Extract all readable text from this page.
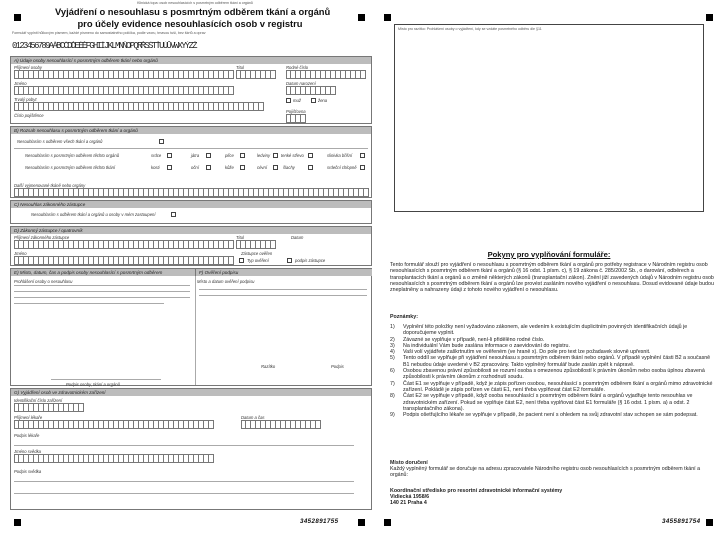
Klinická topa: osob nesouhlasících s posmrtným odběrem tkání a orgánů
Vyjádření o nesouhlasu s posmrtným odběrem tkání a orgánů
pro účely evidence nesouhlasících osob v registru
Formulář vyplnit hůlkovým písmem, každé písmeno do samostatného políčka, podle vzoru, tmavou tuší, bez škrtů a oprav
0123456789AÁBCČDĎEÉĚFGHIÍJKLMNŇOPQRŘSŠTŤUÚŮVWXYÝZŽ
A) Údaje osoby nesouhlasící s posmrtným odběrem tkání nebo orgánů
Příjmení osoby	Titul	Rodné číslo
Jméno	Datum narození
muž	žena
Trvalý pobyt
Pojišťovna
Číslo pojištěnce
B) Rozsah nesouhlasu s posmrtným odběrem tkání a orgánů
Nesouhlasím s odběrem všech tkání a orgánů
Nesouhlasím s posmrtným odběrem těchto orgánů	srdce	játra	plíce	ledviny	tenké střevo	slinivka břišní
Nesouhlasím s posmrtným odběrem těchto tkání	kosti	oční	kůže	cévní	šlachy	srdeční chlopně
Další vyjmenované tkáně nebo orgány
C) Nesouhlas zákonného zástupce
Nesouhlasím s odběrem tkání a orgánů u osoby v mém zastoupení
D) Zákonný zástupce / opatrovník
Příjmení zákonného zástupce	Titul
Jméno
Datum
Zástupce ověřen
Typ ověření	podpis zástupce
E) Místo, datum, čas a podpis osoby nesouhlasící s posmrtným odběrem	F) Ověření podpisu
Prohlášení osoby o nesouhlasu	Místo a datum ověření podpisu
Podpis osoby, tkání a orgánů
Razítko	Podpis
G) Vyjádření osob ve zdravotnickém zařízení
Identifikační číslo zařízení
Příjmení lékaře	Datum a čas
Podpis lékaře
Jméno svědka
Podpis svědka
3452891755
Místo pro razítko: Prohlášení osoby o vyjádření, kdy se vzdáte posmrtného odběru dle §11
Pokyny pro vyplňování formuláře:
Tento formulář slouží pro vyjádření o nesouhlasu s posmrtným odběrem tkání a orgánů pro potřeby registrace v Národním registru osob nesouhlasících s posmrtným odběrem tkání a orgánů (§ 16 odst. 1 písm. c), § 19 zákona č. 285/2002 Sb., o darování, odběrech a transplantacích tkání a orgánů a o změně některých zákonů (transplantační zákon). Znění jiží zavedených údajů v Národním registru osob nesouhlasících s posmrtným odběrem tkání a orgánů lze provést zasláním nového vyjádření o nesouhlasu. Dosud evidované údaje budou zneplatněny a nahrazeny údaji z tohoto nového vyjádření o nesouhlasu.
Poznámky:
1)	Vyplnění této položky není vyžadováno zákonem, ale vedením k existujícím duplicitním povinných identifikačních údajů je doporučujeme vyplnit.
2)	Závazné se vyplňuje v případě, není-li přidělěno rodné číslo.
3)	Na individuální Vám bude zaslána informace o zaevidování do registru.
4)	Vaši volí vyjádřete zaškrtnutím ve ověřeném (ve hraně x). Do pole pro text lze požadavek slovně upřesnit.
5)	Tento oddíl se vyplňuje při vyjádření nesouhlasu s posmrtným odběrem tkání nebo orgánů. V případě vyplnění části B2 a současně B1 nebudou údaje uvedené v B2 zpracovány. Takto vyplněný formulář bude zaslán zpět k nápravě.
6)	Osobou zbavenou právní způsobilosti se rozumí osoba s omezenou způsobilostí k právním úkonům nebo osoba úplnou zbavená způsobilosti k právním úkonům z rozhodnutí soudu.
7)	Část E1 se vyplňuje v případě, když je zápis pořízen osobou, nesouhlasící s posmrtným odběrem tkání a orgánů mimo zdravotnické zařízení. Pokládě je zápis pořízen ve části E1, není třeba vyplňovat část E2 formuláře.
8)	Část E2 se vyplňuje v případě, když osoba nesouhlasící s posmrtným odběrem tkání a orgánů vyjadřuje tento nesouhlas ve zdravotnickém zařízení. Pokud se vyplňuje část E2, není třeba vyplňovat část E1 formuláře (§ 16 odst. 1 písm. a) a odst. 2 transplantačního zákona).
9)	Podpis ošetřujícího lékaře se vyplňuje v případě, že pacient není s ohledem na svůj zdravotní stav schopen se sám podepsat.
Místo doručení
Každý vyplněný formulář se doručuje na adresu zpracovatele Národního registru osob nesouhlasících s posmrtným odběrem tkání a orgánů:
Koordinační středisko pro resortní zdravotnické informační systémy
Vidiecká 1958/6
140 21 Praha 4
3455891754
